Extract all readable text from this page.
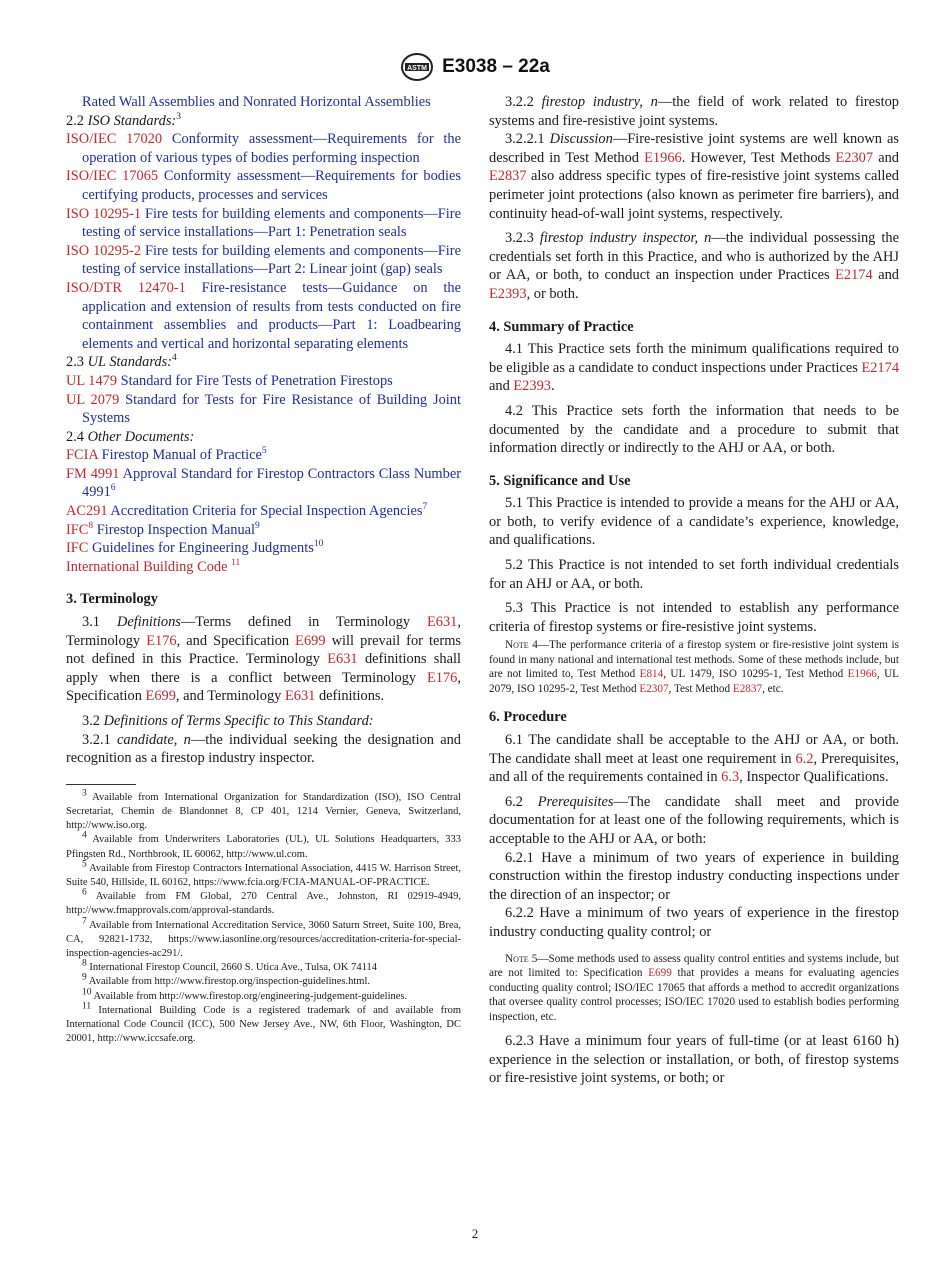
ASTM E3038 – 22a

Rated Wall Assemblies and Nonrated Horizontal Assemblies

2.2 ISO Standards:$^3$

ISO/IEC 17020 Conformity assessment—Requirements for the operation of various types of bodies performing inspection

ISO/IEC 17065 Conformity assessment—Requirements for bodies certifying products, processes and services

ISO 10295-1 Fire tests for building elements and components—Fire testing of service installations—Part 1: Penetration seals

ISO 10295-2 Fire tests for building elements and components—Fire testing of service installations—Part 2: Linear joint (gap) seals

ISO/DTR 12470-1 Fire-resistance tests—Guidance on the application and extension of results from tests conducted on fire containment assemblies and products—Part 1: Loadbearing elements and vertical and horizontal separating elements

2.3 UL Standards:$^4$

UL 1479 Standard for Fire Tests of Penetration Firestops

UL 2079 Standard for Tests for Fire Resistance of Building Joint Systems

2.4 Other Documents:

FCIA Firestop Manual of Practice$^5$

FM 4991 Approval Standard for Firestop Contractors Class Number 4991$^6$

AC291 Accreditation Criteria for Special Inspection Agencies$^7$

IFC$^8$ Firestop Inspection Manual$^9$

IFC Guidelines for Engineering Judgments$^{10}$

International Building Code $^{11}$

3. Terminology

3.1 Definitions—Terms defined in Terminology E631, Terminology E176, and Specification E699 will prevail for terms not defined in this Practice. Terminology E631 definitions shall apply when there is a conflict between Terminology E176, Specification E699, and Terminology E631 definitions.

3.2 Definitions of Terms Specific to This Standard:

3.2.1 candidate, n—the individual seeking the designation and recognition as a firestop industry inspector.

$^3$ Available from International Organization for Standardization (ISO), ISO Central Secretariat, Chemin de Blandonnet 8, CP 401, 1214 Vernier, Geneva, Switzerland, http://www.iso.org.

$^4$ Available from Underwriters Laboratories (UL), UL Solutions Headquarters, 333 Pfingsten Rd., Northbrook, IL 60062, http://www.ul.com.

$^5$ Available from Firestop Contractors International Association, 4415 W. Harrison Street, Suite 540, Hillside, IL 60162, https://www.fcia.org/FCIA-MANUAL-OF-PRACTICE.

$^6$ Available from FM Global, 270 Central Ave., Johnston, RI 02919-4949, http://www.fmapprovals.com/approval-standards.

$^7$ Available from International Accreditation Service, 3060 Saturn Street, Suite 100, Brea, CA, 92821-1732, https://www.iasonline.org/resources/accreditation-criteria-for-special-inspection-agencies-ac291/.

$^8$ International Firestop Council, 2660 S. Utica Ave., Tulsa, OK 74114

$^9$ Available from http://www.firestop.org/inspection-guidelines.html.

$^{10}$ Available from http://www.firestop.org/engineering-judgement-guidelines.

$^{11}$ International Building Code is a registered trademark of and available from International Code Council (ICC), 500 New Jersey Ave., NW, 6th Floor, Washington, DC 20001, http://www.iccsafe.org.

3.2.2 firestop industry, n—the field of work related to firestop systems and fire-resistive joint systems.

3.2.2.1 Discussion—Fire-resistive joint systems are well known as described in Test Method E1966. However, Test Methods E2307 and E2837 also address specific types of fire-resistive joint systems called perimeter joint protections (also known as perimeter fire barriers), and continuity head-of-wall joint systems, respectively.

3.2.3 firestop industry inspector, n—the individual possessing the credentials set forth in this Practice, and who is authorized by the AHJ or AA, or both, to conduct an inspection under Practices E2174 and E2393, or both.

4. Summary of Practice

4.1 This Practice sets forth the minimum qualifications required to be eligible as a candidate to conduct inspections under Practices E2174 and E2393.

4.2 This Practice sets forth the information that needs to be documented by the candidate and a procedure to submit that information directly or indirectly to the AHJ or AA, or both.

5. Significance and Use

5.1 This Practice is intended to provide a means for the AHJ or AA, or both, to verify evidence of a candidate’s experience, knowledge, and qualifications.

5.2 This Practice is not intended to set forth individual credentials for an AHJ or AA, or both.

5.3 This Practice is not intended to establish any performance criteria of firestop systems or fire-resistive joint systems.

Note 4—The performance criteria of a firestop system or fire-resistive joint system is found in many national and international test methods. Some of these methods include, but are not limited to, Test Method E814, UL 1479, ISO 10295-1, Test Method E1966, UL 2079, ISO 10295-2, Test Method E2307, Test Method E2837, etc.

6. Procedure

6.1 The candidate shall be acceptable to the AHJ or AA, or both. The candidate shall meet at least one requirement in 6.2, Prerequisites, and all of the requirements contained in 6.3, Inspector Qualifications.

6.2 Prerequisites—The candidate shall meet and provide documentation for at least one of the following requirements, which is acceptable to the AHJ or AA, or both:

6.2.1 Have a minimum of two years of experience in building construction within the firestop industry conducting inspections under the direction of an inspector; or

6.2.2 Have a minimum of two years of experience in the firestop industry conducting quality control; or

Note 5—Some methods used to assess quality control entities and systems include, but are not limited to: Specification E699 that provides a means for evaluating agencies conducting quality control; ISO/IEC 17065 that affords a method to accredit organizations that oversee quality control processes; ISO/IEC 17020 used to establish bodies performing inspection, etc.

6.2.3 Have a minimum four years of full-time (or at least 6160 h) experience in the selection or installation, or both, of firestop systems or fire-resistive joint systems, or both; or

2
